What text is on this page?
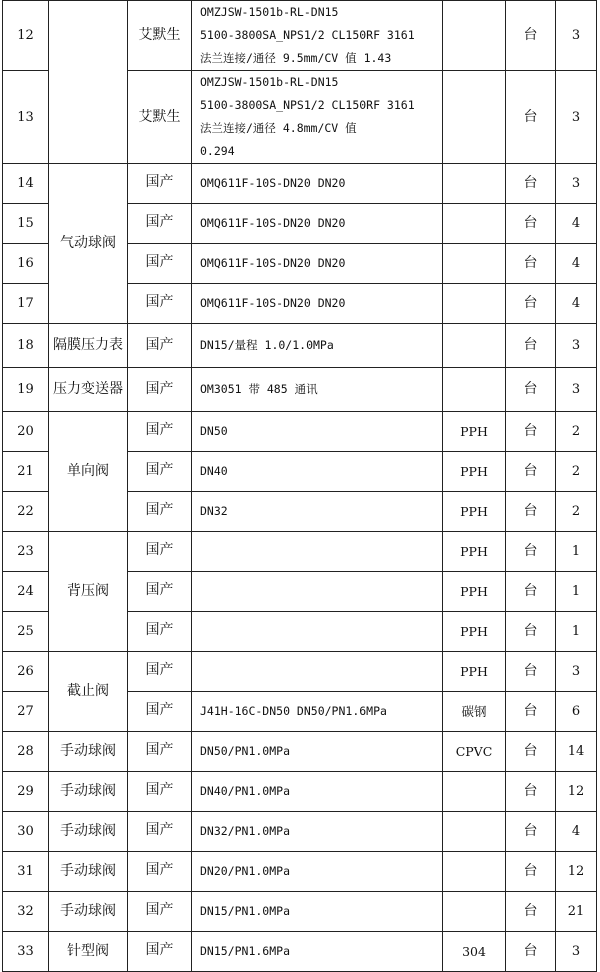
12		艾默生	OMZJSW-1501b-RL-DN15
5100-3800SA_NPS1/2 CL150RF 3161
法兰连接/通径 9.5mm/CV 值 1.43		台	3
13		艾默生	OMZJSW-1501b-RL-DN15
5100-3800SA_NPS1/2 CL150RF 3161
法兰连接/通径 4.8mm/CV 值
0.294		台	3
14	气动球阀	国产	OMQ611F-10S-DN20 DN20		台	3
15		国产	OMQ611F-10S-DN20 DN20		台	4
16		国产	OMQ611F-10S-DN20 DN20		台	4
17		国产	OMQ611F-10S-DN20 DN20		台	4
18	隔膜压力表	国产	DN15/量程 1.0/1.0MPa		台	3
19	压力变送器	国产	OM3051 带 485 通讯		台	3
20	单向阀	国产	DN50	PPH	台	2
21		国产	DN40	PPH	台	2
22		国产	DN32	PPH	台	2
23	背压阀	国产		PPH	台	1
24		国产		PPH	台	1
25		国产		PPH	台	1
26	截止阀	国产		PPH	台	3
27		国产	J41H-16C-DN50 DN50/PN1.6MPa	碳钢	台	6
28	手动球阀	国产	DN50/PN1.0MPa	CPVC	台	14
29	手动球阀	国产	DN40/PN1.0MPa		台	12
30	手动球阀	国产	DN32/PN1.0MPa		台	4
31	手动球阀	国产	DN20/PN1.0MPa		台	12
32	手动球阀	国产	DN15/PN1.0MPa		台	21
33	针型阀	国产	DN15/PN1.6MPa	304	台	3
